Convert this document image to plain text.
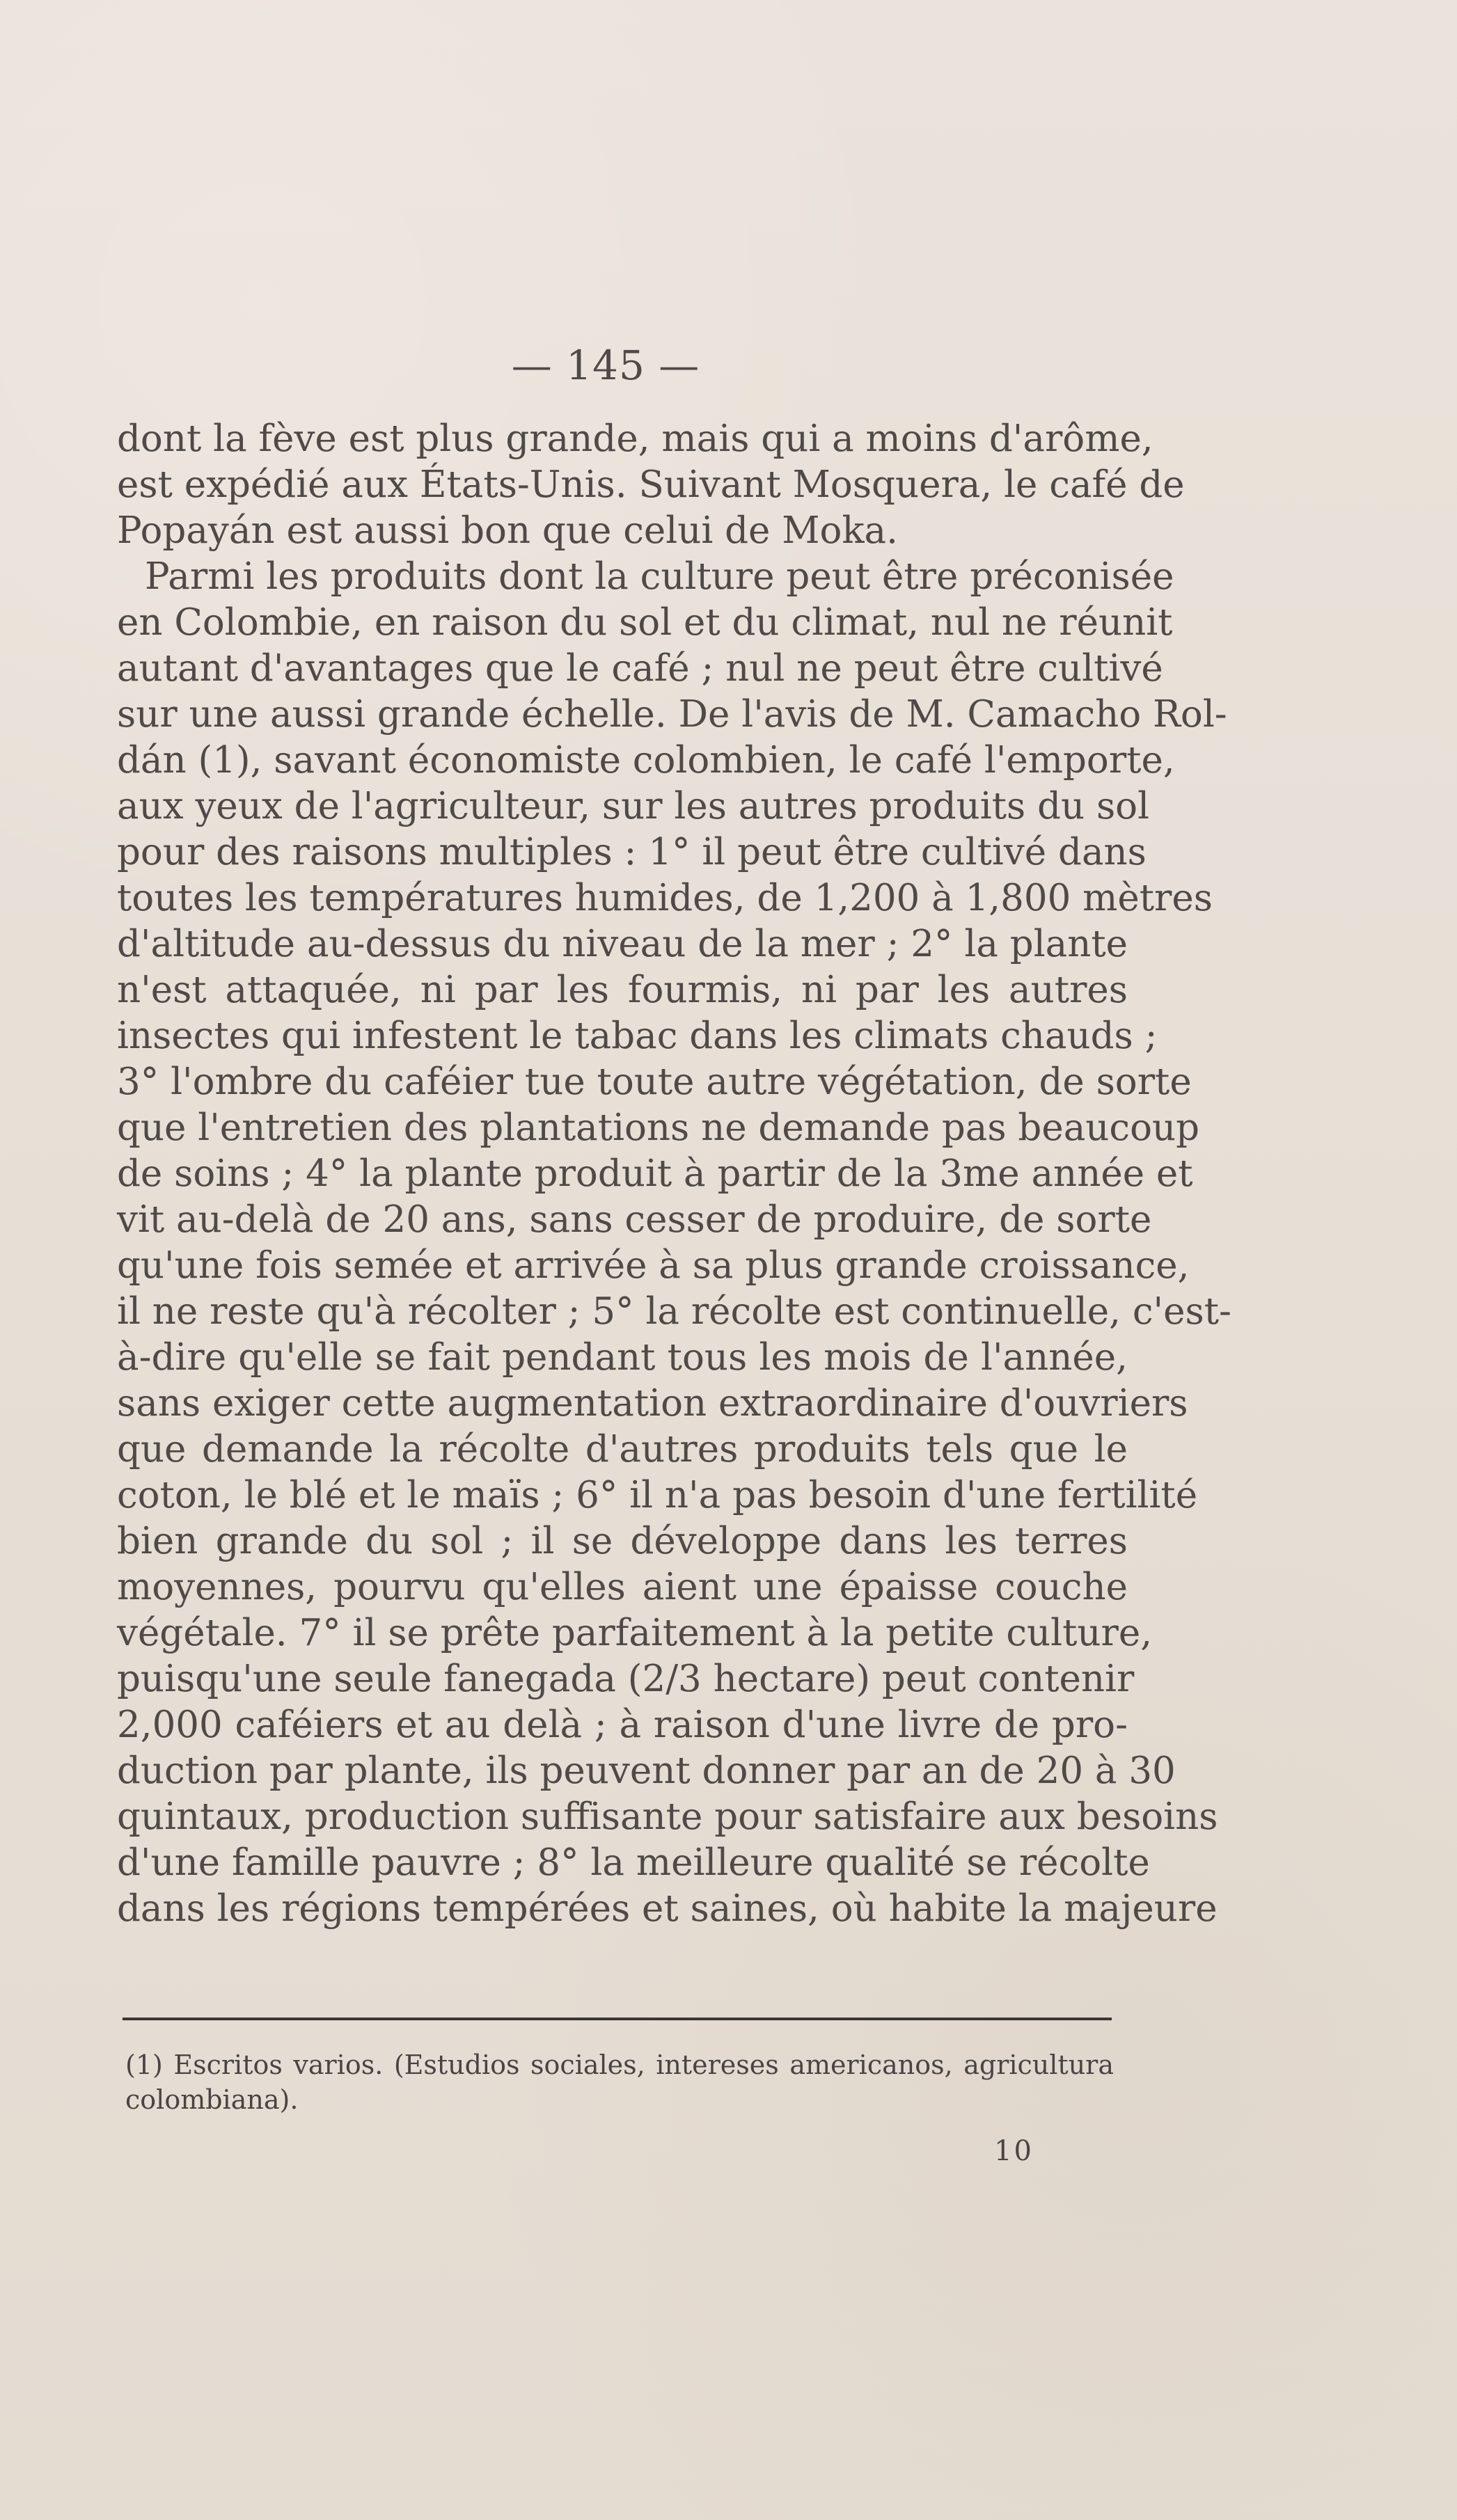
— 145 —
dont la fève est plus grande, mais qui a moins d'arôme,
est expédié aux États-Unis. Suivant Mosquera, le café de
Popayán est aussi bon que celui de Moka.
Parmi les produits dont la culture peut être préconisée
en Colombie, en raison du sol et du climat, nul ne réunit
autant d'avantages que le café ; nul ne peut être cultivé
sur une aussi grande échelle. De l'avis de M. Camacho Rol-
dán (1), savant économiste colombien, le café l'emporte,
aux yeux de l'agriculteur, sur les autres produits du sol
pour des raisons multiples : 1° il peut être cultivé dans
toutes les températures humides, de 1,200 à 1,800 mètres
d'altitude au-dessus du niveau de la mer ; 2° la plante
n'est attaquée, ni par les fourmis, ni par les autres
insectes qui infestent le tabac dans les climats chauds ;
3° l'ombre du caféier tue toute autre végétation, de sorte
que l'entretien des plantations ne demande pas beaucoup
de soins ; 4° la plante produit à partir de la 3me année et
vit au-delà de 20 ans, sans cesser de produire, de sorte
qu'une fois semée et arrivée à sa plus grande croissance,
il ne reste qu'à récolter ; 5° la récolte est continuelle, c'est-
à-dire qu'elle se fait pendant tous les mois de l'année,
sans exiger cette augmentation extraordinaire d'ouvriers
que demande la récolte d'autres produits tels que le
coton, le blé et le maïs ; 6° il n'a pas besoin d'une fertilité
bien grande du sol ; il se développe dans les terres
moyennes, pourvu qu'elles aient une épaisse couche
végétale. 7° il se prête parfaitement à la petite culture,
puisqu'une seule fanegada (2/3 hectare) peut contenir
2,000 caféiers et au delà ; à raison d'une livre de pro-
duction par plante, ils peuvent donner par an de 20 à 30
quintaux, production suffisante pour satisfaire aux besoins
d'une famille pauvre ; 8° la meilleure qualité se récolte
dans les régions tempérées et saines, où habite la majeure
(1) Escritos varios. (Estudios sociales, intereses americanos, agricultura colombiana).
10
